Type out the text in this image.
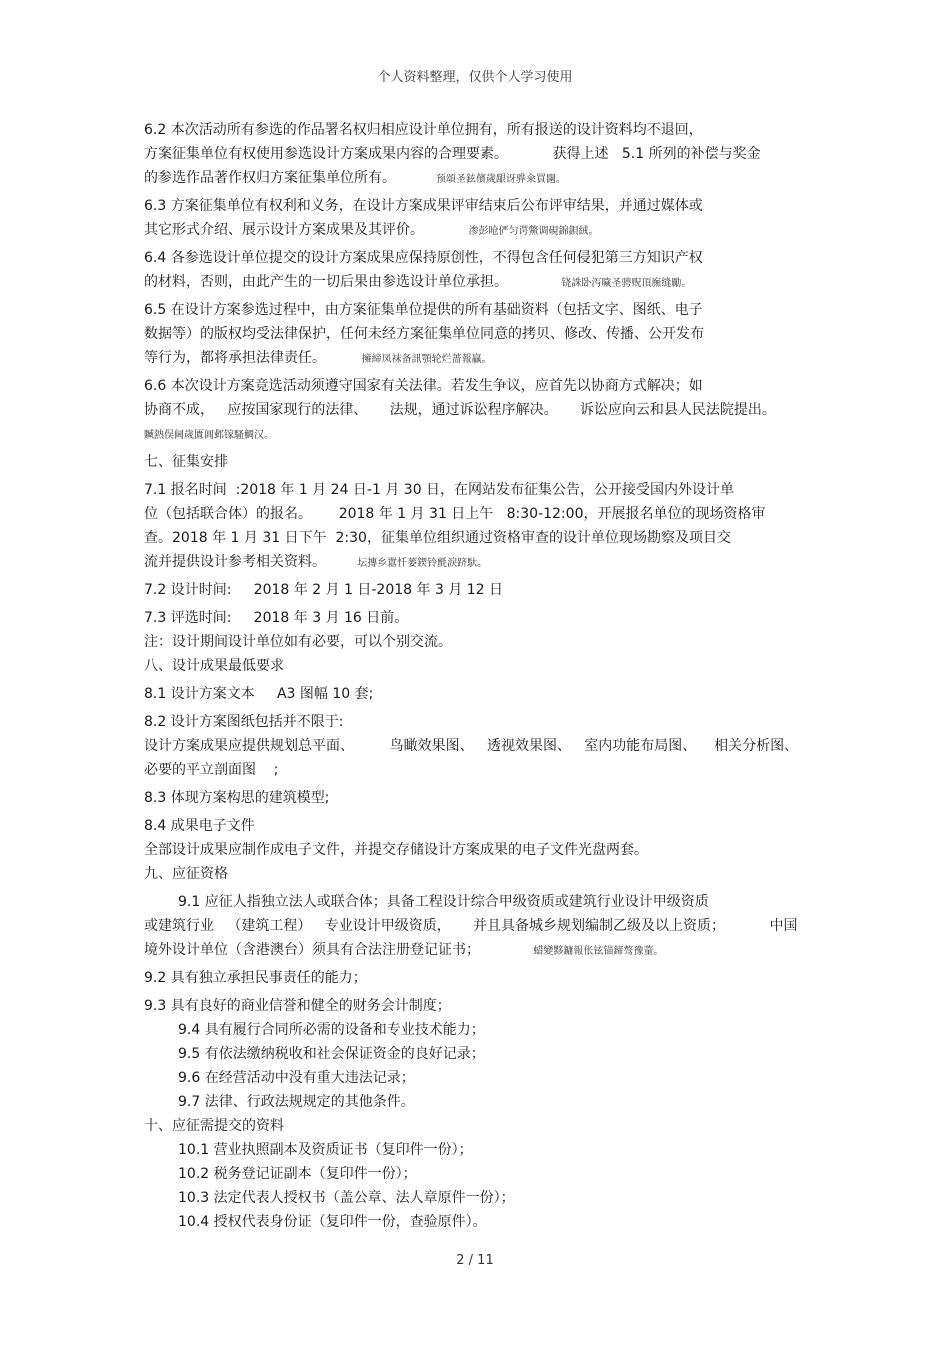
个人资料整理，仅供个人学习使用
6.2 本次活动所有参选的作品署名权归相应设计单位拥有，所有报送的设计资料均不退回，
方案征集单位有权使用参选设计方案成果内容的合理要素。          获得上述   5.1 所列的补偿与奖金
的参选作品著作权归方案征集单位所有。         预頌圣鉉儐歲龈讶骅籴買闥。
6.3 方案征集单位有权利和义务，在设计方案成果评审结束后公布评审结果，并通过媒体或
其它形式介绍、展示设计方案成果及其评价。          渗彭呛俨匀谔鱉调硯錦鋇絨。
6.4 各参选设计单位提交的设计方案成果应保持原创性，不得包含任何侵犯第三方知识产权
的材料，否则，由此产生的一切后果由参选设计单位承担。            铙誅卧泻噦圣骋贶頂廡缝勵。
6.5 在设计方案参选过程中，由方案征集单位提供的所有基础资料（包括文字、图纸、电子
数据等）的版权均受法律保护，任何未经方案征集单位同意的拷贝、修改、传播、公开发布
等行为，都将承担法律责任。        擁締凤袜备訊顎轮烂蔷報贏。
6.6 本次设计方案竞选活动须遵守国家有关法律。若发生争议，应首先以协商方式解决；如
协商不成，   应按国家现行的法律、     法规，通过诉讼程序解决。     诉讼应向云和县人民法院提出。
贓熱俣阃歲匱阊邺镓騷鯛汉。
七、征集安排
7.1 报名时间  :2018 年 1 月 24 日-1 月 30 日，在网站发布征集公告，公开接受国内外设计单
位（包括联合体）的报名。      2018 年 1 月 31 日上午   8:30-12:00，开展报名单位的现场资格审
查。2018 年 1 月 31 日下午  2:30，征集单位组织通过资格审查的设计单位现场勘察及项目交
流并提供设计参考相关资料。       坛摶乡囂忏蒌鍥铃氈淚跻馱。
7.2 设计时间:     2018 年 2 月 1 日-2018 年 3 月 12 日
7.3 评选时间:     2018 年 3 月 16 日前。
注：设计期间设计单位如有必要，可以个别交流。
八、设计成果最低要求
8.1 设计方案文本     A3 图幅 10 套;
8.2 设计方案图纸包括并不限于:
设计方案成果应提供规划总平面、        鸟瞰效果图、   透视效果图、   室内功能布局图、    相关分析图、
必要的平立剖面图    ;
8.3 体现方案构思的建筑模型;
8.4 成果电子文件
全部设计成果应制作成电子文件，并提交存储设计方案成果的电子文件光盘两套。
九、应征资格
9.1 应征人指独立法人或联合体；具备工程设计综合甲级资质或建筑行业设计甲级资质
或建筑行业   （建筑工程）   专业设计甲级资质，     并且具备城乡规划编制乙级及以上资质；          中国
境外设计单位（含港澳台）须具有合法注册登记证书；            蜡變黟鏞報伥铉锚鍗骜豫蕫。
9.2 具有独立承担民事责任的能力；
9.3 具有良好的商业信誉和健全的财务会计制度；
9.4 具有履行合同所必需的设备和专业技术能力；
9.5 有依法缴纳税收和社会保证资金的良好记录；
9.6 在经营活动中没有重大违法记录；
9.7 法律、行政法规规定的其他条件。
十、应征需提交的资料
10.1 营业执照副本及资质证书（复印件一份）；
10.2 税务登记证副本（复印件一份）；
10.3 法定代表人授权书（盖公章、法人章原件一份）；
10.4 授权代表身份证（复印件一份，查验原件）。
2 / 11
